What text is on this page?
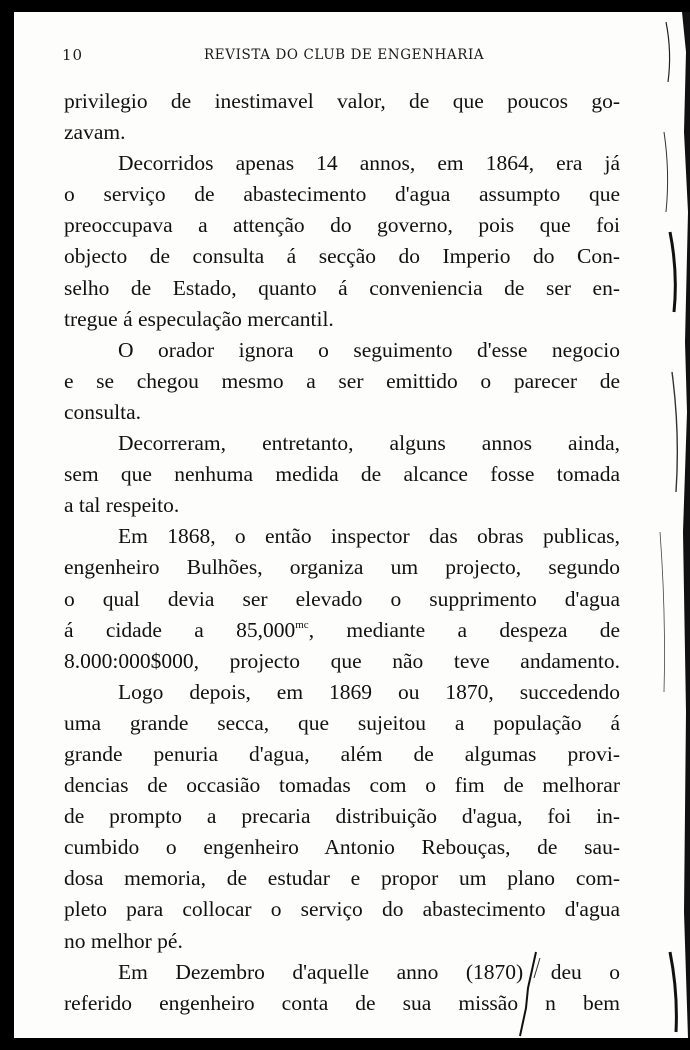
10	REVISTA DO CLUB DE ENGENHARIA
privilegio de inestimavel valor, de que poucos go-
zavam.
Decorridos apenas 14 annos, em 1864, era já
o serviço de abastecimento d'agua assumpto que
preoccupava a attenção do governo, pois que foi
objecto de consulta á secção do Imperio do Con-
selho de Estado, quanto á conveniencia de ser en-
tregue á especulação mercantil.
O orador ignora o seguimento d'esse negocio
e se chegou mesmo a ser emittido o parecer de
consulta.
Decorreram, entretanto, alguns annos ainda,
sem que nenhuma medida de alcance fosse tomada
a tal respeito.
Em 1868, o então inspector das obras publicas,
engenheiro Bulhões, organiza um projecto, segundo
o qual devia ser elevado o supprimento d'agua
á cidade a $85,000^{mc}$, mediante a despeza de
8.000:000$000, projecto que não teve andamento.
Logo depois, em 1869 ou 1870, succedendo
uma grande secca, que sujeitou a população á
grande penuria d'agua, além de algumas provi-
dencias de occasião tomadas com o fim de melhorar
de prompto a precaria distribuição d'agua, foi in-
cumbido o engenheiro Antonio Rebouças, de sau-
dosa memoria, de estudar e propor um plano com-
pleto para collocar o serviço do abastecimento d'agua
no melhor pé.
Em Dezembro d'aquelle anno (1870) deu o
referido engenheiro conta de sua missão n bem
